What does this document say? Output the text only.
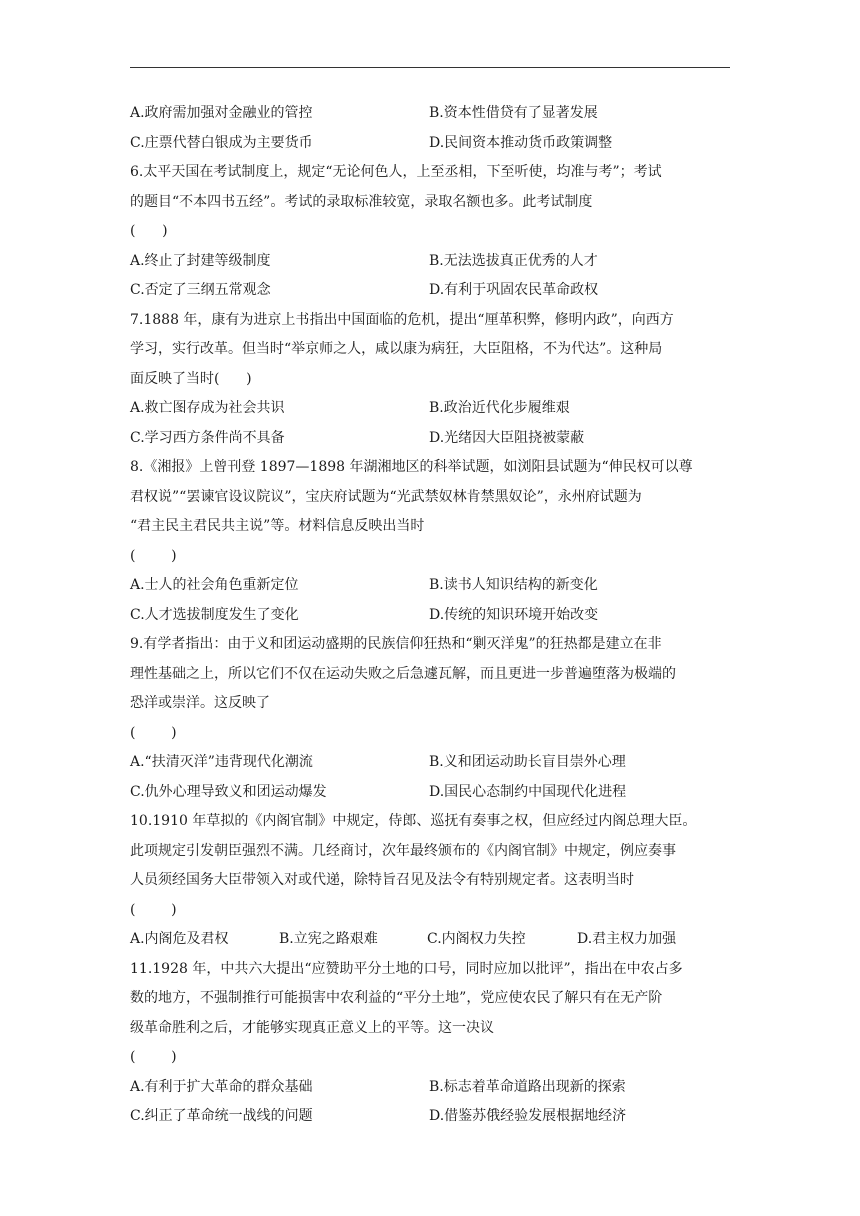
A.政府需加强对金融业的管控	B.资本性借贷有了显著发展
C.庄票代替白银成为主要货币	D.民间资本推动货币政策调整
6.太平天国在考试制度上，规定“无论何色人，上至丞相，下至听使，均准与考”；考试
的题目“不本四书五经”。考试的录取标准较宽，录取名额也多。此考试制度
(      )
A.终止了封建等级制度	B.无法选拔真正优秀的人才
C.否定了三纲五常观念	D.有利于巩固农民革命政权
7.1888 年，康有为进京上书指出中国面临的危机，提出“厘革积弊，修明内政”，向西方
学习，实行改革。但当时“举京师之人，咸以康为病狂，大臣阻格，不为代达”。这种局
面反映了当时(      )
A.救亡图存成为社会共识	B.政治近代化步履维艰
C.学习西方条件尚不具备	D.光绪因大臣阻挠被蒙蔽
8.《湘报》上曾刊登 1897—1898 年湖湘地区的科举试题，如浏阳县试题为“伸民权可以尊
君权说”“罢谏官设议院议”，宝庆府试题为“光武禁奴林肯禁黑奴论”，永州府试题为
“君主民主君民共主说”等。材料信息反映出当时
(        )
A.士人的社会角色重新定位	B.读书人知识结构的新变化
C.人才选拔制度发生了变化	D.传统的知识环境开始改变
9.有学者指出：由于义和团运动盛期的民族信仰狂热和“剿灭洋鬼”的狂热都是建立在非
理性基础之上，所以它们不仅在运动失败之后急遽瓦解，而且更进一步普遍堕落为极端的
恐洋或崇洋。这反映了
(        )
A.“扶清灭洋”违背现代化潮流	B.义和团运动助长盲目崇外心理
C.仇外心理导致义和团运动爆发	D.国民心态制约中国现代化进程
10.1910 年草拟的《内阁官制》中规定，侍郎、巡抚有奏事之权，但应经过内阁总理大臣。
此项规定引发朝臣强烈不满。几经商讨，次年最终颁布的《内阁官制》中规定，例应奏事
人员须经国务大臣带领入对或代递，除特旨召见及法令有特别规定者。这表明当时
(        )
A.内阁危及君权	B.立宪之路艰难	C.内阁权力失控	D.君主权力加强
11.1928 年，中共六大提出“应赞助平分土地的口号，同时应加以批评”，指出在中农占多
数的地方，不强制推行可能损害中农利益的“平分土地”，党应使农民了解只有在无产阶
级革命胜利之后，才能够实现真正意义上的平等。这一决议
(        )
A.有利于扩大革命的群众基础	B.标志着革命道路出现新的探索
C.纠正了革命统一战线的问题	D.借鉴苏俄经验发展根据地经济
